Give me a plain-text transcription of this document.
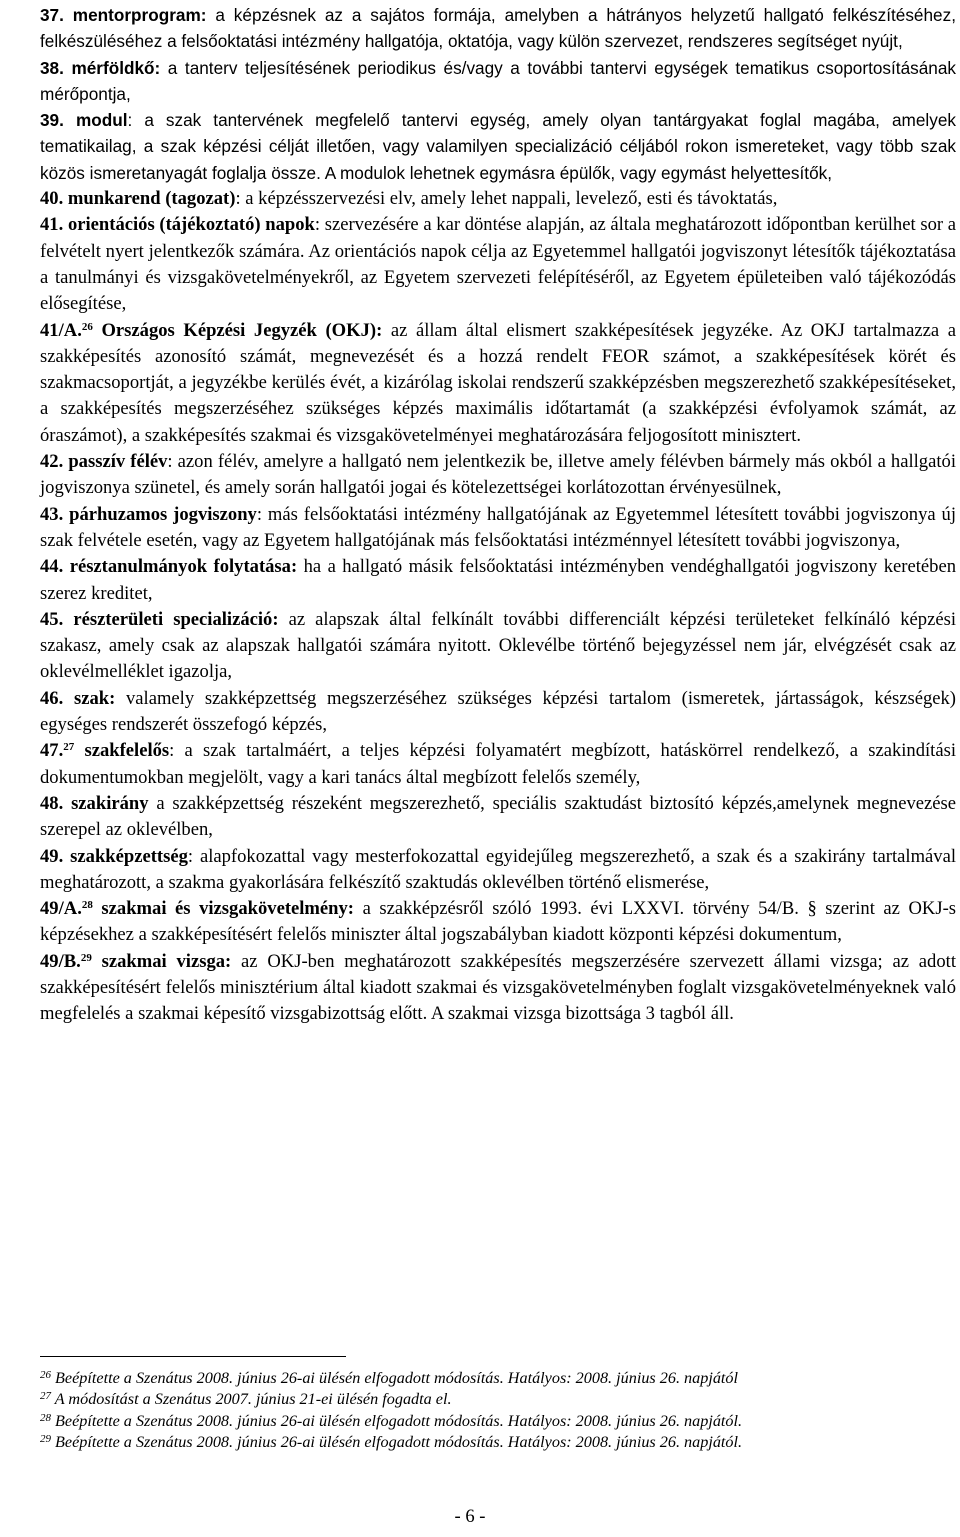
37. mentorprogram: a képzésnek az a sajátos formája, amelyben a hátrányos helyzetű hallgató felkészítéséhez, felkészüléséhez a felsőoktatási intézmény hallgatója, oktatója, vagy külön szervezet, rendszeres segítséget nyújt,

38. mérföldkő: a tanterv teljesítésének periodikus és/vagy a további tantervi egységek tematikus csoportosításának mérőpontja,

39. modul: a szak tantervének megfelelő tantervi egység, amely olyan tantárgyakat foglal magába, amelyek tematikailag, a szak képzési célját illetően, vagy valamilyen specializáció céljából rokon ismereteket, vagy több szak közös ismeretanyagát foglalja össze. A modulok lehetnek egymásra épülők, vagy egymást helyettesítők,

40. munkarend (tagozat): a képzésszervezési elv, amely lehet nappali, levelező, esti és távoktatás,

41. orientációs (tájékoztató) napok: szervezésére a kar döntése alapján, az általa meghatározott időpontban kerülhet sor a felvételt nyert jelentkezők számára. Az orientációs napok célja az Egyetemmel hallgatói jogviszonyt létesítők tájékoztatása a tanulmányi és vizsgakövetelményekről, az Egyetem szervezeti felépítéséről, az Egyetem épületeiben való tájékozódás elősegítése,

41/A.$^{26}$ Országos Képzési Jegyzék (OKJ): az állam által elismert szakképesítések jegyzéke. Az OKJ tartalmazza a szakképesítés azonosító számát, megnevezését és a hozzá rendelt FEOR számot, a szakképesítések körét és szakmacsoportját, a jegyzékbe kerülés évét, a kizárólag iskolai rendszerű szakképzésben megszerezhető szakképesítéseket, a szakképesítés megszerzéséhez szükséges képzés maximális időtartamát (a szakképzési évfolyamok számát, az óraszámot), a szakképesítés szakmai és vizsgakövetelményei meghatározására feljogosított minisztert.

42. passzív félév: azon félév, amelyre a hallgató nem jelentkezik be, illetve amely félévben bármely más okból a hallgatói jogviszonya szünetel, és amely során hallgatói jogai és kötelezettségei korlátozottan érvényesülnek,

43. párhuzamos jogviszony: más felsőoktatási intézmény hallgatójának az Egyetemmel létesített további jogviszonya új szak felvétele esetén, vagy az Egyetem hallgatójának más felsőoktatási intézménnyel létesített további jogviszonya,

44. résztanulmányok folytatása: ha a hallgató másik felsőoktatási intézményben vendéghallgatói jogviszony keretében szerez kreditet,

45. részterületi specializáció: az alapszak által felkínált további differenciált képzési területeket felkínáló képzési szakasz, amely csak az alapszak hallgatói számára nyitott. Oklevélbe történő bejegyzéssel nem jár, elvégzését csak az oklevélmelléklet igazolja,

46. szak: valamely szakképzettség megszerzéséhez szükséges képzési tartalom (ismeretek, jártasságok, készségek) egységes rendszerét összefogó képzés,

47.27 szakfelelős: a szak tartalmáért, a teljes képzési folyamatért megbízott, hatáskörrel rendelkező, a szakindítási dokumentumokban megjelölt, vagy a kari tanács által megbízott felelős személy,

48. szakirány a szakképzettség részeként megszerezhető, speciális szaktudást biztosító képzés,amelynek megnevezése szerepel az oklevélben,

49. szakképzettség: alapfokozattal vagy mesterfokozattal egyidejűleg megszerezhető, a szak és a szakirány tartalmával meghatározott, a szakma gyakorlására felkészítő szaktudás oklevélben történő elismerése,

49/A.$^{28}$ szakmai és vizsgakövetelmény: a szakképzésről szóló 1993. évi LXXVI. törvény 54/B. § szerint az OKJ-s képzésekhez a szakképesítésért felelős miniszter által jogszabályban kiadott központi képzési dokumentum,

49/B.$^{29}$ szakmai vizsga: az OKJ-ben meghatározott szakképesítés megszerzésére szervezett állami vizsga; az adott szakképesítésért felelős minisztérium által kiadott szakmai és vizsgakövetelményben foglalt vizsgakövetelményeknek való megfelelés a szakmai képesítő vizsgabizottság előtt. A szakmai vizsga bizottsága 3 tagból áll.

$^{26}$ Beépítette a Szenátus 2008. június 26-ai ülésén elfogadott módosítás. Hatályos: 2008. június 26. napjától

$^{27}$ A módosítást a Szenátus 2007. június 21-ei ülésén fogadta el.

$^{28}$ Beépítette a Szenátus 2008. június 26-ai ülésén elfogadott módosítás. Hatályos: 2008. június 26. napjától.

$^{29}$ Beépítette a Szenátus 2008. június 26-ai ülésén elfogadott módosítás. Hatályos: 2008. június 26. napjától.

- 6 -
